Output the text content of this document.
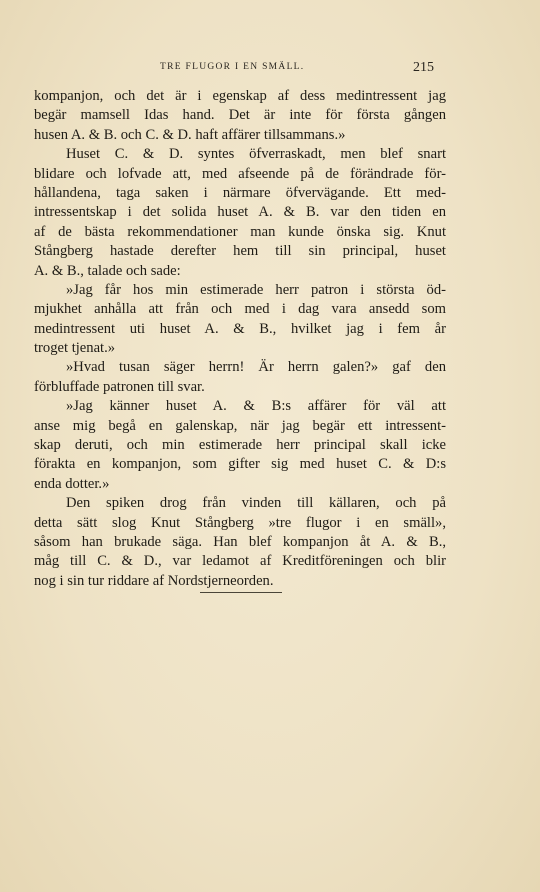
TRE FLUGOR I EN SMÄLL.	215
kompanjon, och det är i egenskap af dess medintressent jag
begär mamsell Idas hand. Det är inte för första gången
husen A. & B. och C. & D. haft affärer tillsammans.»
Huset C. & D. syntes öfverraskadt, men blef snart
blidare och lofvade att, med afseende på de förändrade för-
hållandena, taga saken i närmare öfvervägande. Ett med-
intressentskap i det solida huset A. & B. var den tiden en
af de bästa rekommendationer man kunde önska sig. Knut
Stångberg hastade derefter hem till sin principal, huset
A. & B., talade och sade:
»Jag får hos min estimerade herr patron i största öd-
mjukhet anhålla att från och med i dag vara ansedd som
medintressent uti huset A. & B., hvilket jag i fem år
troget tjenat.»
»Hvad tusan säger herrn! Är herrn galen?» gaf den
förbluffade patronen till svar.
»Jag känner huset A. & B:s affärer för väl att
anse mig begå en galenskap, när jag begär ett intressent-
skap deruti, och min estimerade herr principal skall icke
förakta en kompanjon, som gifter sig med huset C. & D:s
enda dotter.»
Den spiken drog från vinden till källaren, och på
detta sätt slog Knut Stångberg »tre flugor i en smäll»,
såsom han brukade säga. Han blef kompanjon åt A. & B.,
måg till C. & D., var ledamot af Kreditföreningen och blir
nog i sin tur riddare af Nordstjerneorden.
